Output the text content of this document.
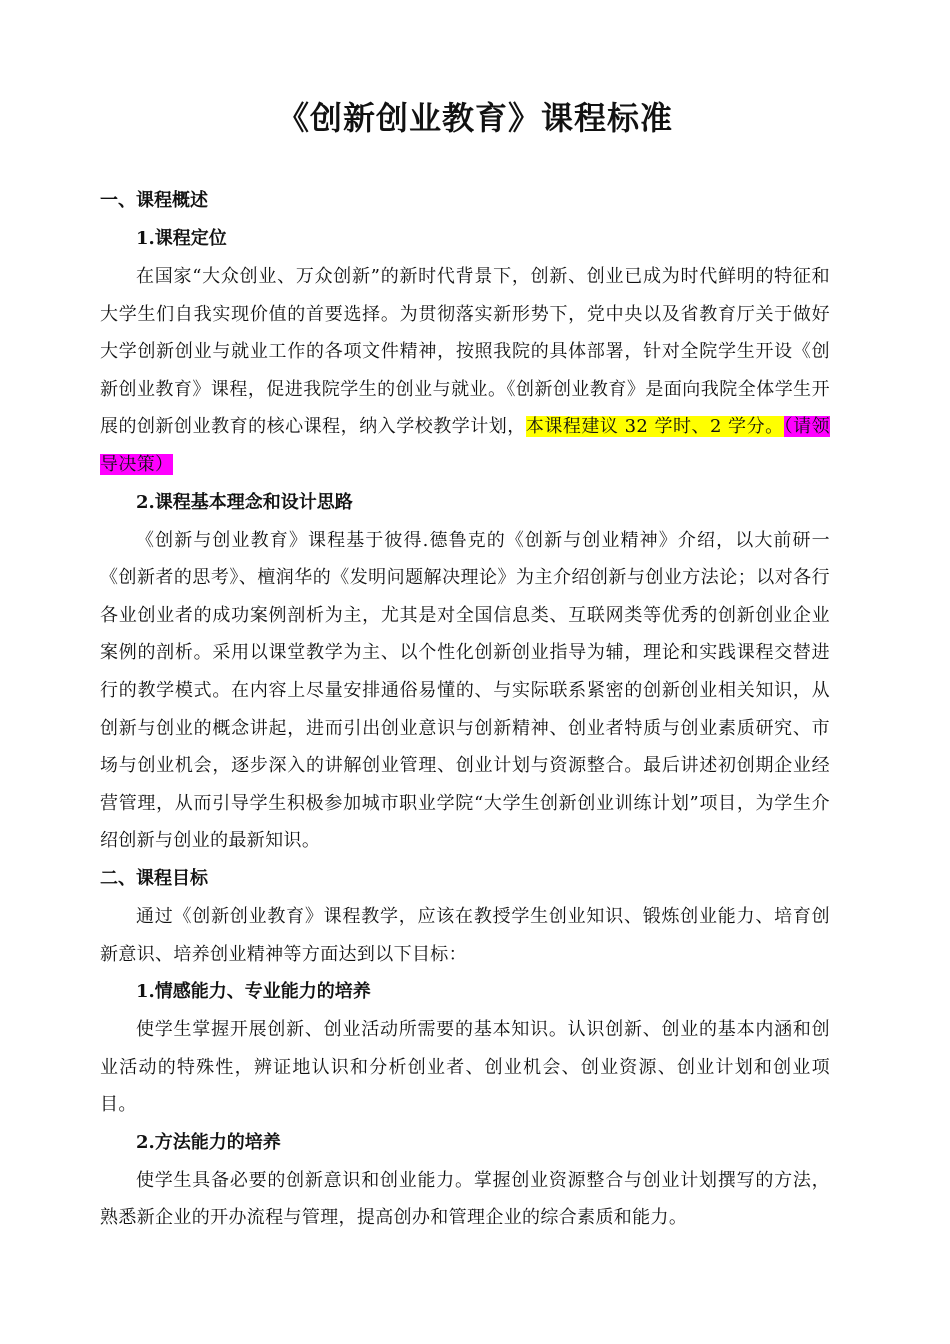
《创新创业教育》课程标准
一、课程概述
1.课程定位

在国家“大众创业、万众创新”的新时代背景下，创新、创业已成为时代鲜明的特征和大学生们自我实现价值的首要选择。为贯彻落实新形势下，党中央以及省教育厅关于做好大学创新创业与就业工作的各项文件精神，按照我院的具体部署，针对全院学生开设《创新创业教育》课程，促进我院学生的创业与就业。《创新创业教育》是面向我院全体学生开展的创新创业教育的核心课程，纳入学校教学计划，本课程建议 32 学时、2 学分。（请领导决策）

2.课程基本理念和设计思路

《创新与创业教育》课程基于彼得.德鲁克的《创新与创业精神》介绍，以大前研一《创新者的思考》、檀润华的《发明问题解决理论》为主介绍创新与创业方法论；以对各行各业创业者的成功案例剖析为主，尤其是对全国信息类、互联网类等优秀的创新创业企业案例的剖析。采用以课堂教学为主、以个性化创新创业指导为辅，理论和实践课程交替进行的教学模式。在内容上尽量安排通俗易懂的、与实际联系紧密的创新创业相关知识，从创新与创业的概念讲起，进而引出创业意识与创新精神、创业者特质与创业素质研究、市场与创业机会，逐步深入的讲解创业管理、创业计划与资源整合。最后讲述初创期企业经营管理，从而引导学生积极参加城市职业学院“大学生创新创业训练计划”项目，为学生介绍创新与创业的最新知识。

二、课程目标

通过《创新创业教育》课程教学，应该在教授学生创业知识、锻炼创业能力、培育创新意识、培养创业精神等方面达到以下目标：

1.情感能力、专业能力的培养

使学生掌握开展创新、创业活动所需要的基本知识。认识创新、创业的基本内涵和创业活动的特殊性，辨证地认识和分析创业者、创业机会、创业资源、创业计划和创业项目。

2.方法能力的培养

使学生具备必要的创新意识和创业能力。掌握创业资源整合与创业计划撰写的方法，熟悉新企业的开办流程与管理，提高创办和管理企业的综合素质和能力。
